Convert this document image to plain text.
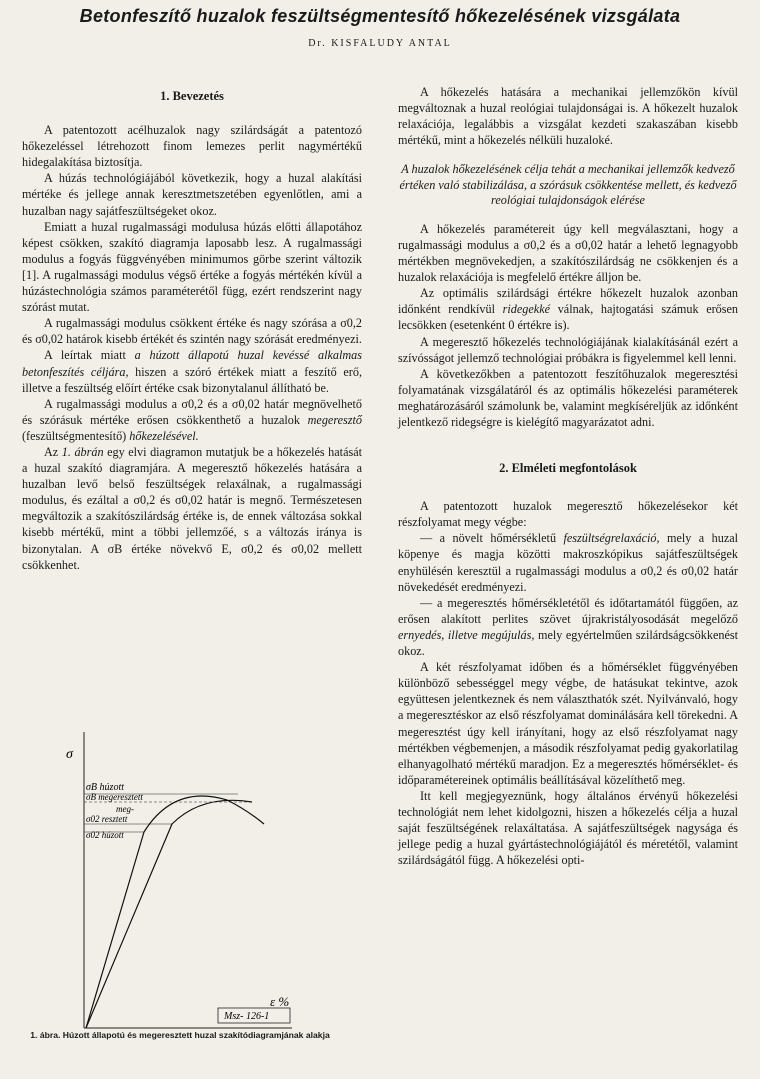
Betonfeszítő huzalok feszültségmentesítő hőkezelésének vizsgálata
Dr. KISFALUDY ANTAL
1. Bevezetés

A patentozott acélhuzalok nagy szilárdságát a patentozó hőkezeléssel létrehozott finom lemezes perlit nagymértékű hidegalakítása biztosítja.

A húzás technológiájából következik, hogy a huzal alakítási mértéke és jellege annak keresztmetszetében egyenlőtlen, ami a huzalban nagy sajátfeszültségeket okoz.

Emiatt a huzal rugalmassági modulusa húzás előtti állapotához képest csökken, szakító diagramja laposabb lesz. A rugalmassági modulus a fogyás függvényében minimumos görbe szerint változik [1]. A rugalmassági modulus végső értéke a fogyás mértékén kívül a húzástechnológia számos paraméterétől függ, ezért rendszerint nagy szórást mutat.

A rugalmassági modulus csökkent értéke és nagy szórása a σ0,2 és σ0,02 határok kisebb értékét és szintén nagy szórását eredményezi.

A leírtak miatt a húzott állapotú huzal kevéssé alkalmas betonfeszítés céljára, hiszen a szóró értékek miatt a feszítő erő, illetve a feszültség előírt értéke csak bizonytalanul állítható be.

A rugalmassági modulus a σ0,2 és a σ0,02 határ megnövelhető és szórásuk mértéke erősen csökkenthető a huzalok megeresztő (feszültségmentesítő) hőkezelésével.

Az 1. ábrán egy elvi diagramon mutatjuk be a hőkezelés hatását a huzal szakító diagramjára. A megeresztő hőkezelés hatására a huzalban levő belső feszültségek relaxálnak, a rugalmassági modulus, és ezáltal a σ0,2 és σ0,02 határ is megnő. Természetesen megváltozik a szakítószilárdság értéke is, de ennek változása sokkal kisebb mértékű, mint a többi jellemzőé, s a változás iránya is bizonytalan. A σB értéke növekvő E, σ0,2 és σ0,02 mellett csökkenhet.

σ
ε %
σB húzott
σB megeresztett
meg-
σ02 resztett
σ02 húzott
Msz- 126-1
1. ábra. Húzott állapotú és megeresztett huzal szakítódiagramjának alakja

A hőkezelés hatására a mechanikai jellemzőkön kívül megváltoznak a huzal reológiai tulajdonságai is. A hőkezelt huzalok relaxációja, legalábbis a vizsgálat kezdeti szakaszában kisebb mértékű, mint a hőkezelés nélküli huzaloké.

A huzalok hőkezelésének célja tehát a mechanikai jellemzők kedvező értéken való stabilizálása, a szórásuk csökkentése mellett, és kedvező reológiai tulajdonságok elérése

A hőkezelés paramétereit úgy kell megválasztani, hogy a rugalmassági modulus a σ0,2 és a σ0,02 határ a lehető legnagyobb mértékben megnövekedjen, a szakítószilárdság ne csökkenjen és a huzalok relaxációja is megfelelő értékre álljon be.

Az optimális szilárdsági értékre hőkezelt huzalok azonban időnként rendkívül ridegekké válnak, hajtogatási számuk erősen lecsökken (esetenként 0 értékre is).

A megeresztő hőkezelés technológiájának kialakításánál ezért a szívósságot jellemző technológiai próbákra is figyelemmel kell lenni.

A következőkben a patentozott feszítőhuzalok megeresztési folyamatának vizsgálatáról és az optimális hőkezelési paraméterek meghatározásáról számolunk be, valamint megkíséreljük az időnként jelentkező ridegségre is kielégítő magyarázatot adni.

2. Elméleti megfontolások

A patentozott huzalok megeresztő hőkezelésekor két részfolyamat megy végbe:

— a növelt hőmérsékletű feszültségrelaxáció, mely a huzal köpenye és magja közötti makroszkópikus sajátfeszültségek enyhülésén keresztül a rugalmassági modulus a σ0,2 és σ0,02 határ növekedését eredményezi.

— a megeresztés hőmérsékletétől és időtartamától függően, az erősen alakított perlites szövet újrakristályosodását megelőző ernyedés, illetve megújulás, mely egyértelműen szilárdságcsökkenést okoz.

A két részfolyamat időben és a hőmérséklet függvényében különböző sebességgel megy végbe, de hatásukat tekintve, azok együttesen jelentkeznek és nem választhatók szét. Nyilvánvaló, hogy a megeresztéskor az első részfolyamat dominálására kell törekedni. A megeresztést úgy kell irányítani, hogy az első részfolyamat nagy mértékben végbemenjen, a második részfolyamat pedig gyakorlatilag elhanyagolható mértékű maradjon. Ez a megeresztés hőmérséklet- és időparamétereinek optimális beállításával közelíthető meg.

Itt kell megjegyeznünk, hogy általános érvényű hőkezelési technológiát nem lehet kidolgozni, hiszen a hőkezelés célja a huzal saját feszültségének relaxáltatása. A sajátfeszültségek nagysága és jellege pedig a huzal gyártástechnológiájától és méretétől, valamint szilárdságától függ. A hőkezelési opti-
